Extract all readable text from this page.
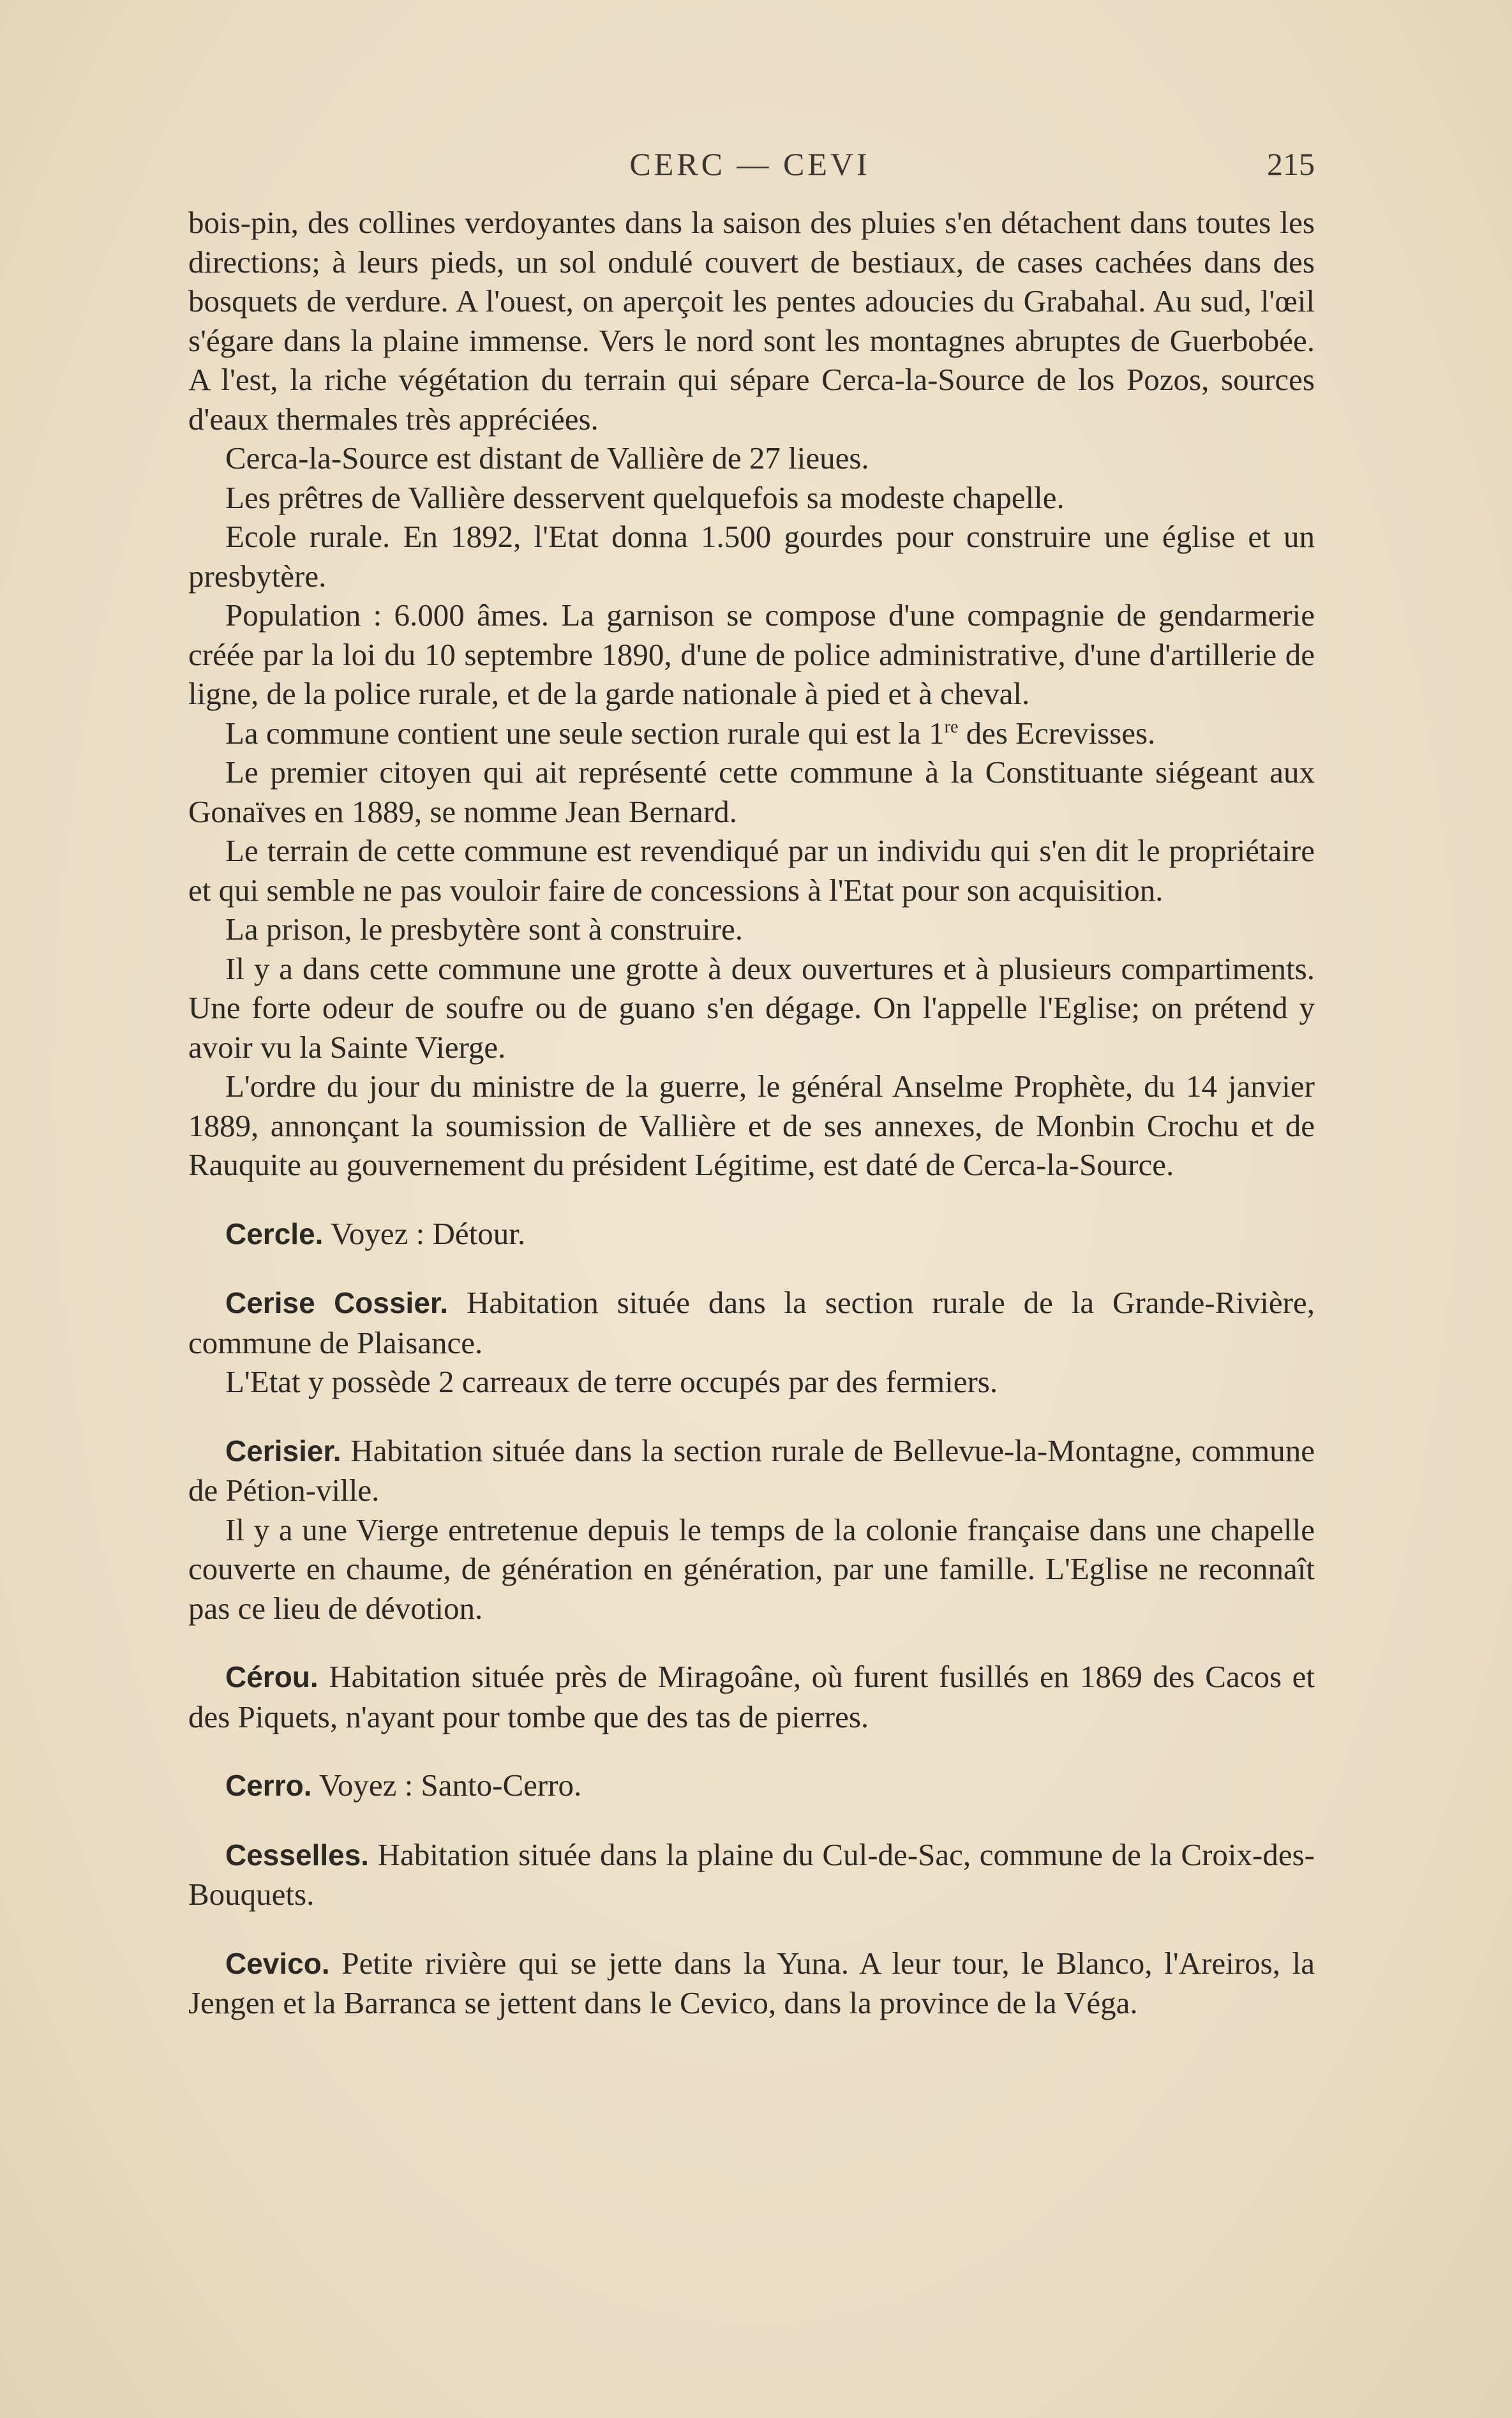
CERC — CEVI	215

bois-pin, des collines verdoyantes dans la saison des pluies s'en détachent dans toutes les directions; à leurs pieds, un sol ondulé couvert de bestiaux, de cases cachées dans des bosquets de verdure. A l'ouest, on aperçoit les pentes adoucies du Grabahal. Au sud, l'œil s'égare dans la plaine immense. Vers le nord sont les montagnes abruptes de Guerbobée. A l'est, la riche végétation du terrain qui sépare Cerca-la-Source de los Pozos, sources d'eaux thermales très appréciées.

Cerca-la-Source est distant de Vallière de 27 lieues.

Les prêtres de Vallière desservent quelquefois sa modeste chapelle.

Ecole rurale. En 1892, l'Etat donna 1.500 gourdes pour construire une église et un presbytère.

Population : 6.000 âmes. La garnison se compose d'une compagnie de gendarmerie créée par la loi du 10 septembre 1890, d'une de police administrative, d'une d'artillerie de ligne, de la police rurale, et de la garde nationale à pied et à cheval.

La commune contient une seule section rurale qui est la 1re des Ecrevisses.

Le premier citoyen qui ait représenté cette commune à la Constituante siégeant aux Gonaïves en 1889, se nomme Jean Bernard.

Le terrain de cette commune est revendiqué par un individu qui s'en dit le propriétaire et qui semble ne pas vouloir faire de concessions à l'Etat pour son acquisition.

La prison, le presbytère sont à construire.

Il y a dans cette commune une grotte à deux ouvertures et à plusieurs compartiments. Une forte odeur de soufre ou de guano s'en dégage. On l'appelle l'Eglise; on prétend y avoir vu la Sainte Vierge.

L'ordre du jour du ministre de la guerre, le général Anselme Prophète, du 14 janvier 1889, annonçant la soumission de Vallière et de ses annexes, de Monbin Crochu et de Rauquite au gouvernement du président Légitime, est daté de Cerca-la-Source.

Cercle. Voyez : Détour.

Cerise Cossier. Habitation située dans la section rurale de la Grande-Rivière, commune de Plaisance.

L'Etat y possède 2 carreaux de terre occupés par des fermiers.

Cerisier. Habitation située dans la section rurale de Bellevue-la-Montagne, commune de Pétion-ville.

Il y a une Vierge entretenue depuis le temps de la colonie française dans une chapelle couverte en chaume, de génération en génération, par une famille. L'Eglise ne reconnaît pas ce lieu de dévotion.

Cérou. Habitation située près de Miragoâne, où furent fusillés en 1869 des Cacos et des Piquets, n'ayant pour tombe que des tas de pierres.

Cerro. Voyez : Santo-Cerro.

Cesselles. Habitation située dans la plaine du Cul-de-Sac, commune de la Croix-des-Bouquets.

Cevico. Petite rivière qui se jette dans la Yuna. A leur tour, le Blanco, l'Areiros, la Jengen et la Barranca se jettent dans le Cevico, dans la province de la Véga.
